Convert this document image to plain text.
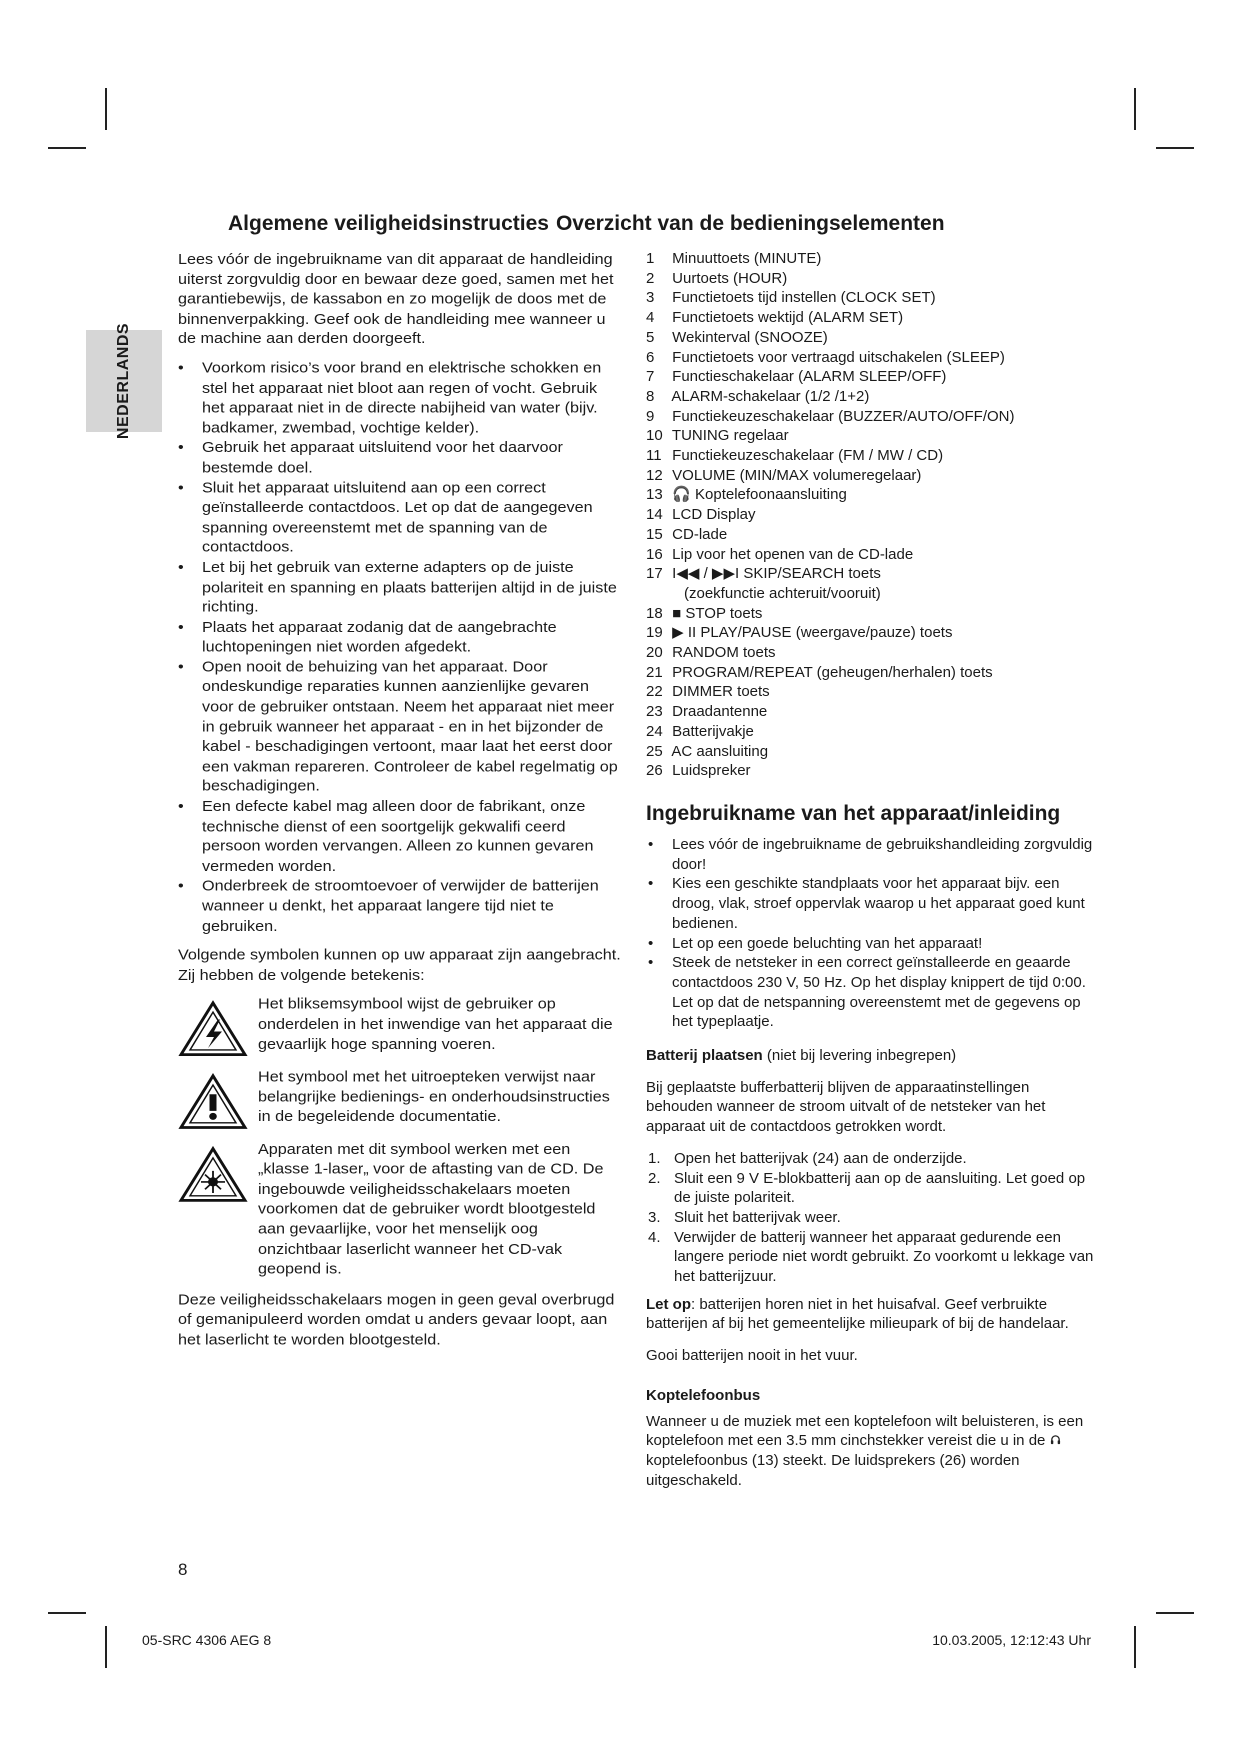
Algemene veiligheidsinstructies Overzicht van de bedieningselementen
NEDERLANDS

Lees vóór de ingebruikname van dit apparaat de handleiding uiterst zorgvuldig door en bewaar deze goed, samen met het garantiebewijs, de kassabon en zo mogelijk de doos met de binnenverpakking. Geef ook de handleiding mee wanneer u de machine aan derden doorgeeft.

• Voorkom risico’s voor brand en elektrische schokken en stel het apparaat niet bloot aan regen of vocht. Gebruik het apparaat niet in de directe nabijheid van water (bijv. badkamer, zwembad, vochtige kelder).
• Gebruik het apparaat uitsluitend voor het daarvoor bestemde doel.
• Sluit het apparaat uitsluitend aan op een correct geïnstalleerde contactdoos. Let op dat de aangegeven spanning overeenstemt met de spanning van de contactdoos.
• Let bij het gebruik van externe adapters op de juiste polariteit en spanning en plaats batterijen altijd in de juiste richting.
• Plaats het apparaat zodanig dat de aangebrachte luchtopeningen niet worden afgedekt.
• Open nooit de behuizing van het apparaat. Door ondeskundige reparaties kunnen aanzienlijke gevaren voor de gebruiker ontstaan. Neem het apparaat niet meer in gebruik wanneer het apparaat - en in het bijzonder de kabel - beschadigingen vertoont, maar laat het eerst door een vakman repareren. Controleer de kabel regelmatig op beschadigingen.
• Een defecte kabel mag alleen door de fabrikant, onze technische dienst of een soortgelijk gekwalifi ceerd persoon worden vervangen. Alleen zo kunnen gevaren vermeden worden.
• Onderbreek de stroomtoevoer of verwijder de batterijen wanneer u denkt, het apparaat langere tijd niet te gebruiken.

Volgende symbolen kunnen op uw apparaat zijn aangebracht. Zij hebben de volgende betekenis:

Het bliksemsymbool wijst de gebruiker op onderdelen in het inwendige van het apparaat die gevaarlijk hoge spanning voeren.
Het symbool met het uitroepteken verwijst naar belangrijke bedienings- en onderhoudsinstructies in de begeleidende documentatie.
Apparaten met dit symbool werken met een „klasse 1-laser„ voor de aftasting van de CD. De ingebouwde veiligheidsschakelaars moeten voorkomen dat de gebruiker wordt blootgesteld aan gevaarlijke, voor het menselijk oog onzichtbaar laserlicht wanneer het CD-vak geopend is.

Deze veiligheidsschakelaars mogen in geen geval overbrugd of gemanipuleerd worden omdat u anders gevaar loopt, aan het laserlicht te worden blootgesteld.

1 Minuuttoets (MINUTE)
2 Uurtoets (HOUR)
3 Functietoets tijd instellen (CLOCK SET)
4 Functietoets wektijd (ALARM SET)
5 Wekinterval (SNOOZE)
6 Functietoets voor vertraagd uitschakelen (SLEEP)
7 Functieschakelaar (ALARM SLEEP/OFF)
8 ALARM-schakelaar (1/2 /1+2)
9 Functiekeuzeschakelaar (BUZZER/AUTO/OFF/ON)
10 TUNING regelaar
11 Functiekeuzeschakelaar (FM / MW / CD)
12 VOLUME (MIN/MAX volumeregelaar)
13 🎧 Koptelefoonaansluiting
14 LCD Display
15 CD-lade
16 Lip voor het openen van de CD-lade
17 I◀◀ / ▶▶I SKIP/SEARCH toets
(zoekfunctie achteruit/vooruit)
18 ■ STOP toets
19 ▶ II PLAY/PAUSE (weergave/pauze) toets
20 RANDOM toets
21 PROGRAM/REPEAT (geheugen/herhalen) toets
22 DIMMER toets
23 Draadantenne
24 Batterijvakje
25 AC aansluiting
26 Luidspreker
Ingebruikname van het apparaat/inleiding
• Lees vóór de ingebruikname de gebruikshandleiding zorgvuldig door!
• Kies een geschikte standplaats voor het apparaat bijv. een droog, vlak, stroef oppervlak waarop u het apparaat goed kunt bedienen.
• Let op een goede beluchting van het apparaat!
• Steek de netsteker in een correct geïnstalleerde en geaarde contactdoos 230 V, 50 Hz. Op het display knippert de tijd 0:00. Let op dat de netspanning overeenstemt met de gegevens op het typeplaatje.

Batterij plaatsen (niet bij levering inbegrepen)

Bij geplaatste bufferbatterij blijven de apparaatinstellingen behouden wanneer de stroom uitvalt of de netsteker van het apparaat uit de contactdoos getrokken wordt.

1. Open het batterijvak (24) aan de onderzijde.
2. Sluit een 9 V E-blokbatterij aan op de aansluiting. Let goed op de juiste polariteit.
3. Sluit het batterijvak weer.
4. Verwijder de batterij wanneer het apparaat gedurende een langere periode niet wordt gebruikt. Zo voorkomt u lekkage van het batterijzuur.

Let op: batterijen horen niet in het huisafval. Geef verbruikte batterijen af bij het gemeentelijke milieupark of bij de handelaar.

Gooi batterijen nooit in het vuur.

Koptelefoonbus

Wanneer u de muziek met een koptelefoon wilt beluisteren, is een koptelefoon met een 3.5 mm cinchstekker vereist die u in de koptelefoonbus (13) steekt. De luidsprekers (26) worden uitgeschakeld.

8
05-SRC 4306 AEG 8	10.03.2005, 12:12:43 Uhr
